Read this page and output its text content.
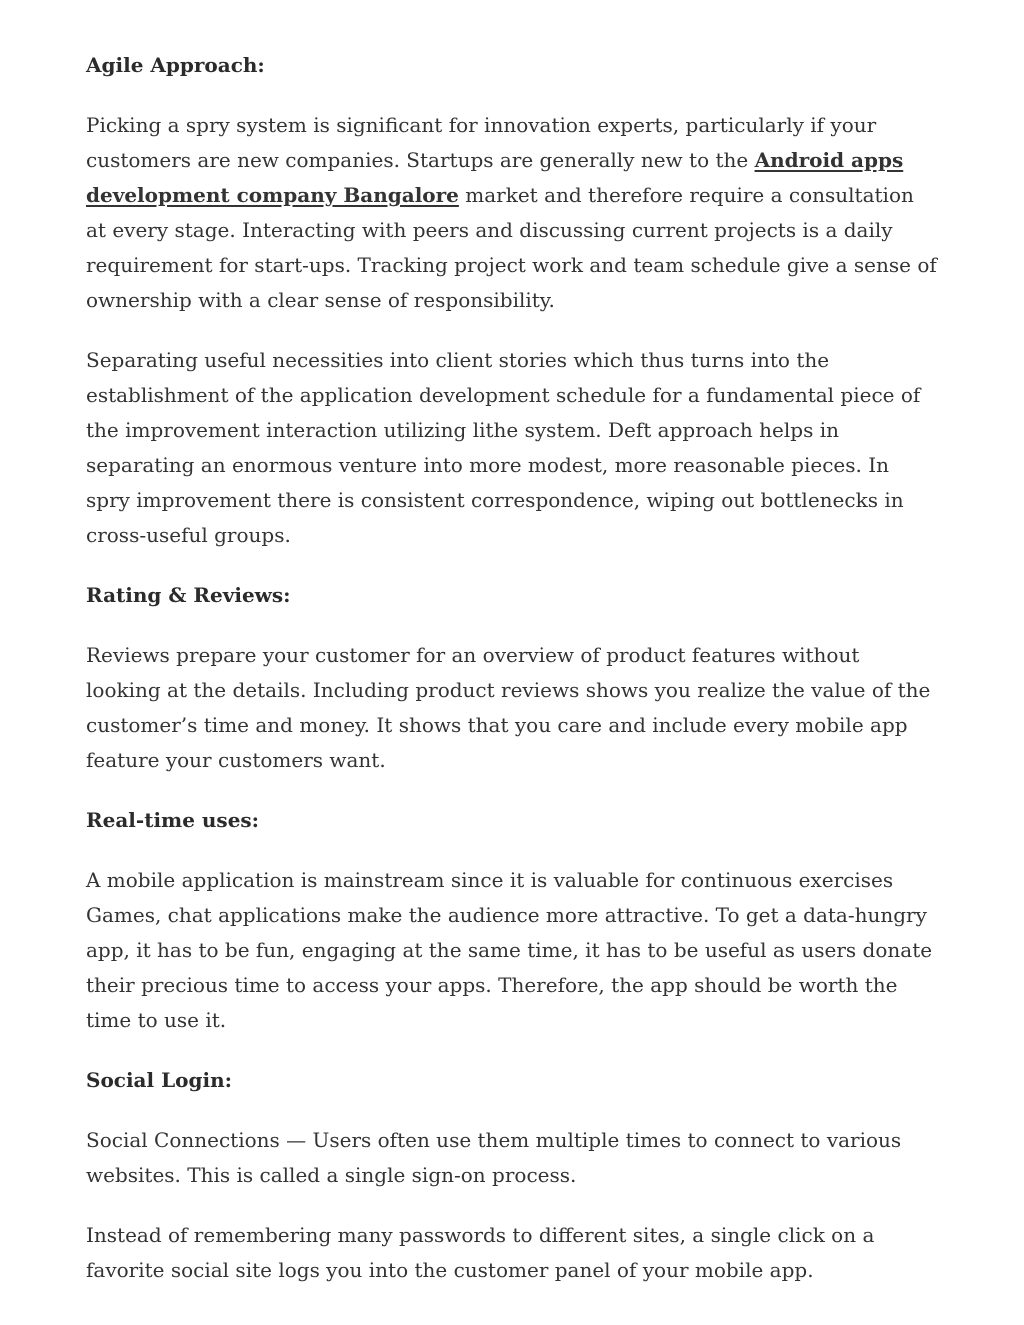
Agile Approach:

Picking a spry system is significant for innovation experts, particularly if your customers are new companies. Startups are generally new to the Android apps development company Bangalore market and therefore require a consultation at every stage. Interacting with peers and discussing current projects is a daily requirement for start-ups. Tracking project work and team schedule give a sense of ownership with a clear sense of responsibility.

Separating useful necessities into client stories which thus turns into the establishment of the application development schedule for a fundamental piece of the improvement interaction utilizing lithe system. Deft approach helps in separating an enormous venture into more modest, more reasonable pieces. In spry improvement there is consistent correspondence, wiping out bottlenecks in cross-useful groups.

Rating & Reviews:

Reviews prepare your customer for an overview of product features without looking at the details. Including product reviews shows you realize the value of the customer’s time and money. It shows that you care and include every mobile app feature your customers want.

Real-time uses:

A mobile application is mainstream since it is valuable for continuous exercises Games, chat applications make the audience more attractive. To get a data-hungry app, it has to be fun, engaging at the same time, it has to be useful as users donate their precious time to access your apps. Therefore, the app should be worth the time to use it.

Social Login:

Social Connections — Users often use them multiple times to connect to various websites. This is called a single sign-on process.

Instead of remembering many passwords to different sites, a single click on a favorite social site logs you into the customer panel of your mobile app.
